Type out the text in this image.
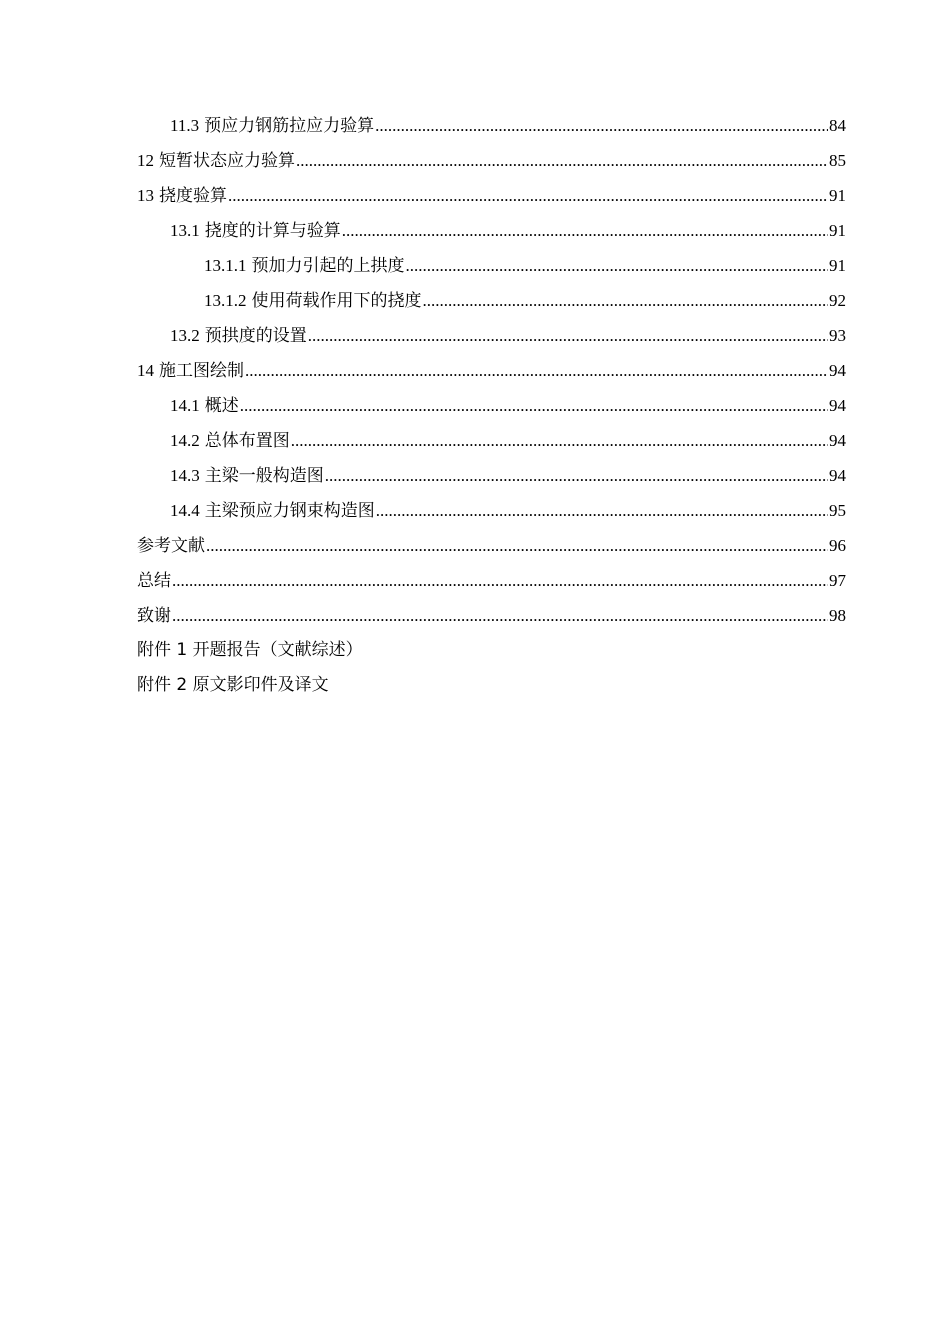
11.3 预应力钢筋拉应力验算 .....	84
12 短暂状态应力验算 .....	85
13 挠度验算 .....	91
13.1 挠度的计算与验算 .....	91
13.1.1 预加力引起的上拱度 .....	91
13.1.2 使用荷载作用下的挠度 .....	92
13.2 预拱度的设置 .....	93
14 施工图绘制 .....	94
14.1 概述 .....	94
14.2 总体布置图 .....	94
14.3 主梁一般构造图 .....	94
14.4 主梁预应力钢束构造图 .....	95
参考文献 .....	96
总结 .....	97
致谢 .....	98
附件 1 开题报告（文献综述）
附件 2 原文影印件及译文
